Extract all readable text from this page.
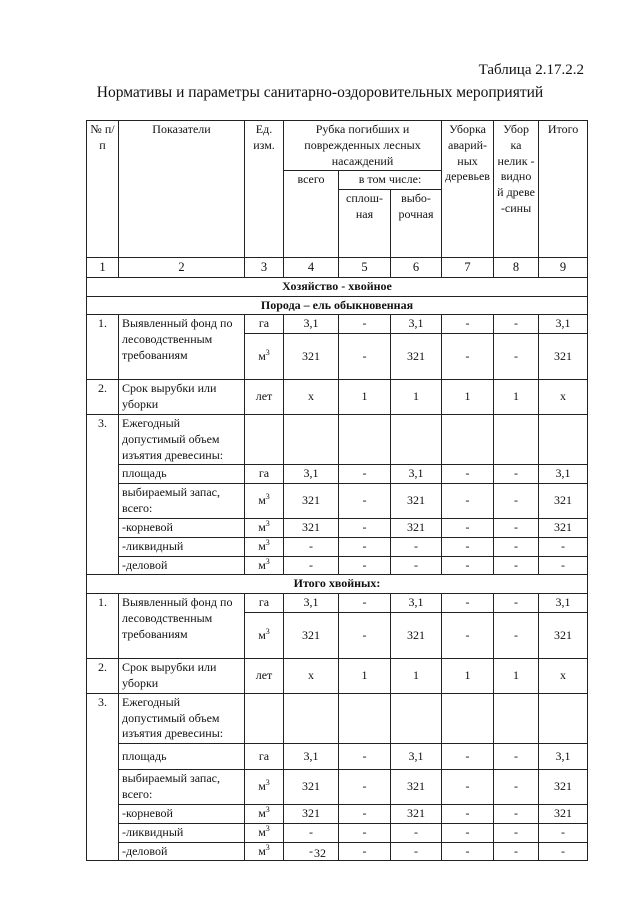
Таблица 2.17.2.2
Нормативы и параметры санитарно-оздоровительных мероприятий
№ п/п	Показатели	Ед. изм.	Рубка погибших и поврежденных лесных насаждений			Уборка аварий-ных деревьев	Убор ка нелик - видно й древе -сины	Итого
			всего	в том числе:				
				сплош-ная	выбо-рочная			
1	2	3	4	5	6	7	8	9
Хозяйство - хвойное								
Порода – ель обыкновенная								
1.	Выявленный фонд по лесоводственным требованиям	га	3,1	-	3,1	-	-	3,1
		$м^3$	321	-	321	-	-	321
2.	Срок вырубки или уборки	лет	х	1	1	1	1	х
3.	Ежегодный допустимый объем изъятия древесины:							
	площадь	га	3,1	-	3,1	-	-	3,1
	выбираемый запас, всего:	$м^3$	321	-	321	-	-	321
	-корневой	$м^3$	321	-	321	-	-	321
	-ликвидный	$м^3$	-	-	-	-	-	-
	-деловой	$м^3$	-	-	-	-	-	-
Итого хвойных:								
1.	Выявленный фонд по лесоводственным требованиям	га	3,1	-	3,1	-	-	3,1
		$м^3$	321	-	321	-	-	321
2.	Срок вырубки или уборки	лет	х	1	1	1	1	х
3.	Ежегодный допустимый объем изъятия древесины:							
	площадь	га	3,1	-	3,1	-	-	3,1
	выбираемый запас, всего:	$м^3$	321	-	321	-	-	321
	-корневой	$м^3$	321	-	321	-	-	321
	-ликвидный	$м^3$	-	-	-	-	-	-
	-деловой	$м^3$	-	-	-	-	-	-
32
